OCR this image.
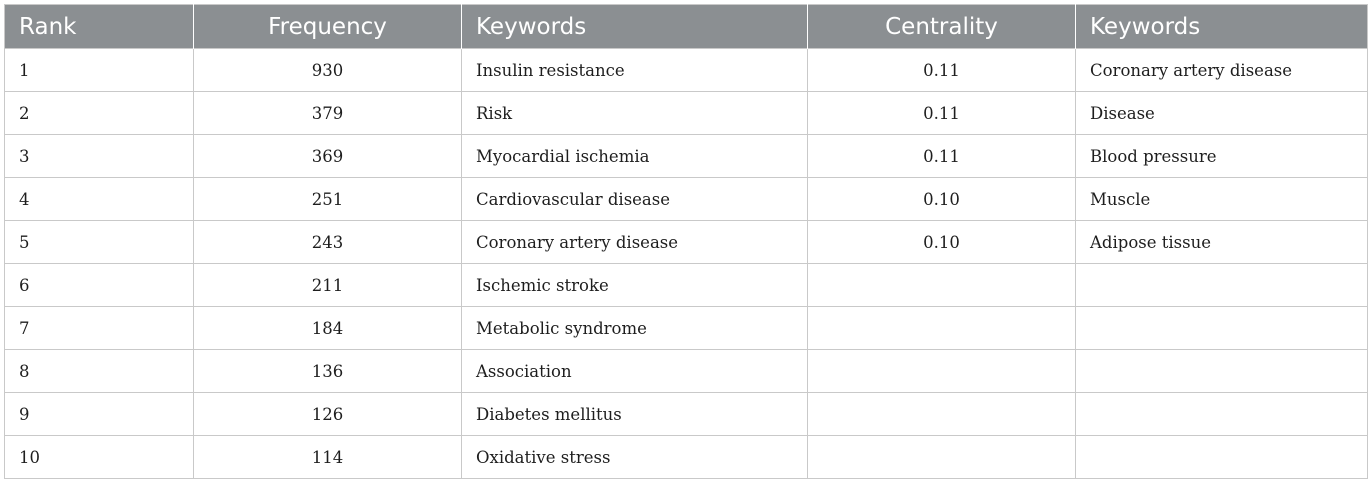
Rank	Frequency	Keywords	Centrality	Keywords
1	930	Insulin resistance	0.11	Coronary artery disease
2	379	Risk	0.11	Disease
3	369	Myocardial ischemia	0.11	Blood pressure
4	251	Cardiovascular disease	0.10	Muscle
5	243	Coronary artery disease	0.10	Adipose tissue
6	211	Ischemic stroke		
7	184	Metabolic syndrome		
8	136	Association		
9	126	Diabetes mellitus		
10	114	Oxidative stress		
